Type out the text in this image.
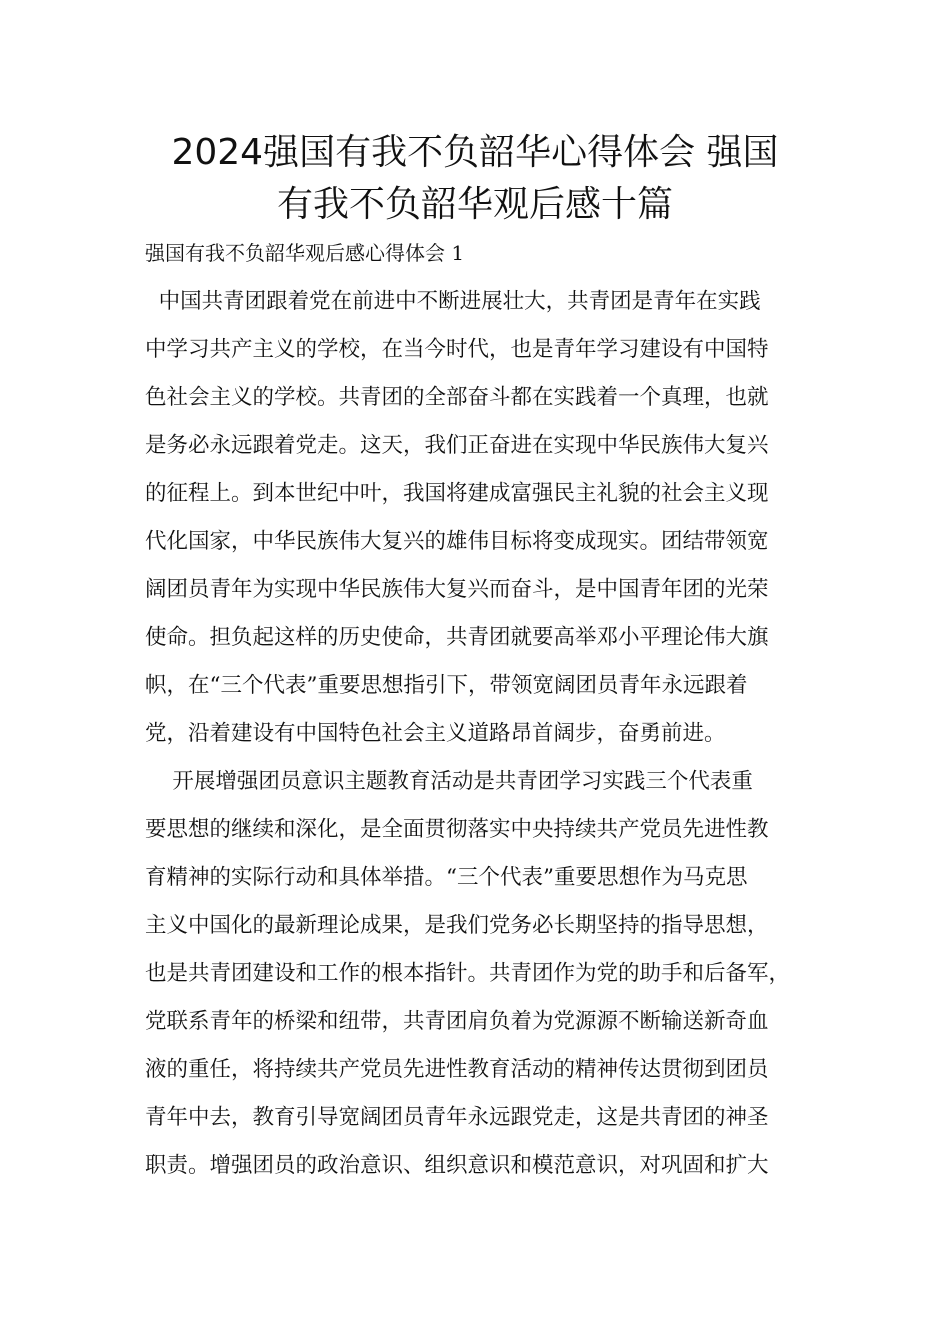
2024强国有我不负韶华心得体会 强国
有我不负韶华观后感十篇

强国有我不负韶华观后感心得体会 1

中国共青团跟着党在前进中不断进展壮大，共青团是青年在实践

中学习共产主义的学校，在当今时代，也是青年学习建设有中国特

色社会主义的学校。共青团的全部奋斗都在实践着一个真理，也就

是务必永远跟着党走。这天，我们正奋进在实现中华民族伟大复兴

的征程上。到本世纪中叶，我国将建成富强民主礼貌的社会主义现

代化国家，中华民族伟大复兴的雄伟目标将变成现实。团结带领宽

阔团员青年为实现中华民族伟大复兴而奋斗，是中国青年团的光荣

使命。担负起这样的历史使命，共青团就要高举邓小平理论伟大旗

帜，在“三个代表”重要思想指引下，带领宽阔团员青年永远跟着

党，沿着建设有中国特色社会主义道路昂首阔步，奋勇前进。

开展增强团员意识主题教育活动是共青团学习实践三个代表重

要思想的继续和深化，是全面贯彻落实中央持续共产党员先进性教

育精神的实际行动和具体举措。“三个代表”重要思想作为马克思

主义中国化的最新理论成果，是我们党务必长期坚持的指导思想，

也是共青团建设和工作的根本指针。共青团作为党的助手和后备军，

党联系青年的桥梁和纽带，共青团肩负着为党源源不断输送新奇血

液的重任，将持续共产党员先进性教育活动的精神传达贯彻到团员

青年中去，教育引导宽阔团员青年永远跟党走，这是共青团的神圣

职责。增强团员的政治意识、组织意识和模范意识，对巩固和扩大
